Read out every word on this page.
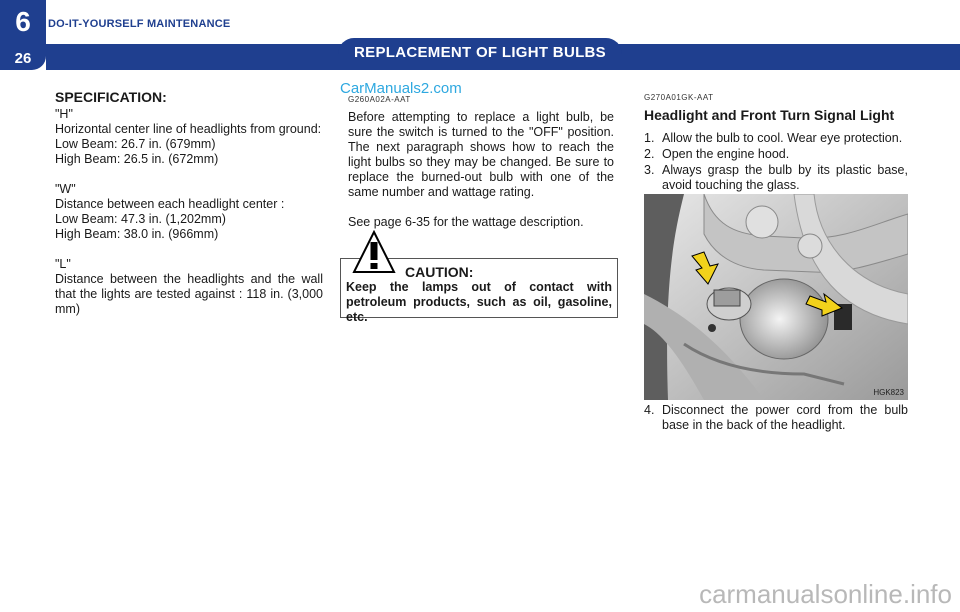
6
26
DO-IT-YOURSELF MAINTENANCE
REPLACEMENT OF LIGHT BULBS
SPECIFICATION:
"H"
Horizontal center line of headlights from ground:
Low Beam: 26.7 in. (679mm)
High Beam: 26.5 in. (672mm)
"W"
Distance between each headlight center :
Low Beam: 47.3 in. (1,202mm)
High Beam: 38.0 in. (966mm)
"L"
Distance between the headlights and the wall that the lights are tested against : 118 in. (3,000 mm)
CarManuals2.com
G260A02A-AAT
Before attempting to replace a light bulb, be sure the switch is turned to the "OFF" position. The next paragraph shows how to reach the light bulbs so they may be changed. Be sure to replace the burned-out bulb with one of the same number and wattage rating.
See page 6-35 for the wattage description.
CAUTION:
Keep the lamps out of contact with petroleum products, such as oil, gasoline, etc.
G270A01GK-AAT
Headlight and Front Turn Signal Light
1. Allow the bulb to cool. Wear eye protection.
2. Open the engine hood.
3. Always grasp the bulb by its plastic base, avoid touching the glass.
HGK823
4. Disconnect the power cord from the bulb base in the back of the headlight.
carmanualsonline.info
